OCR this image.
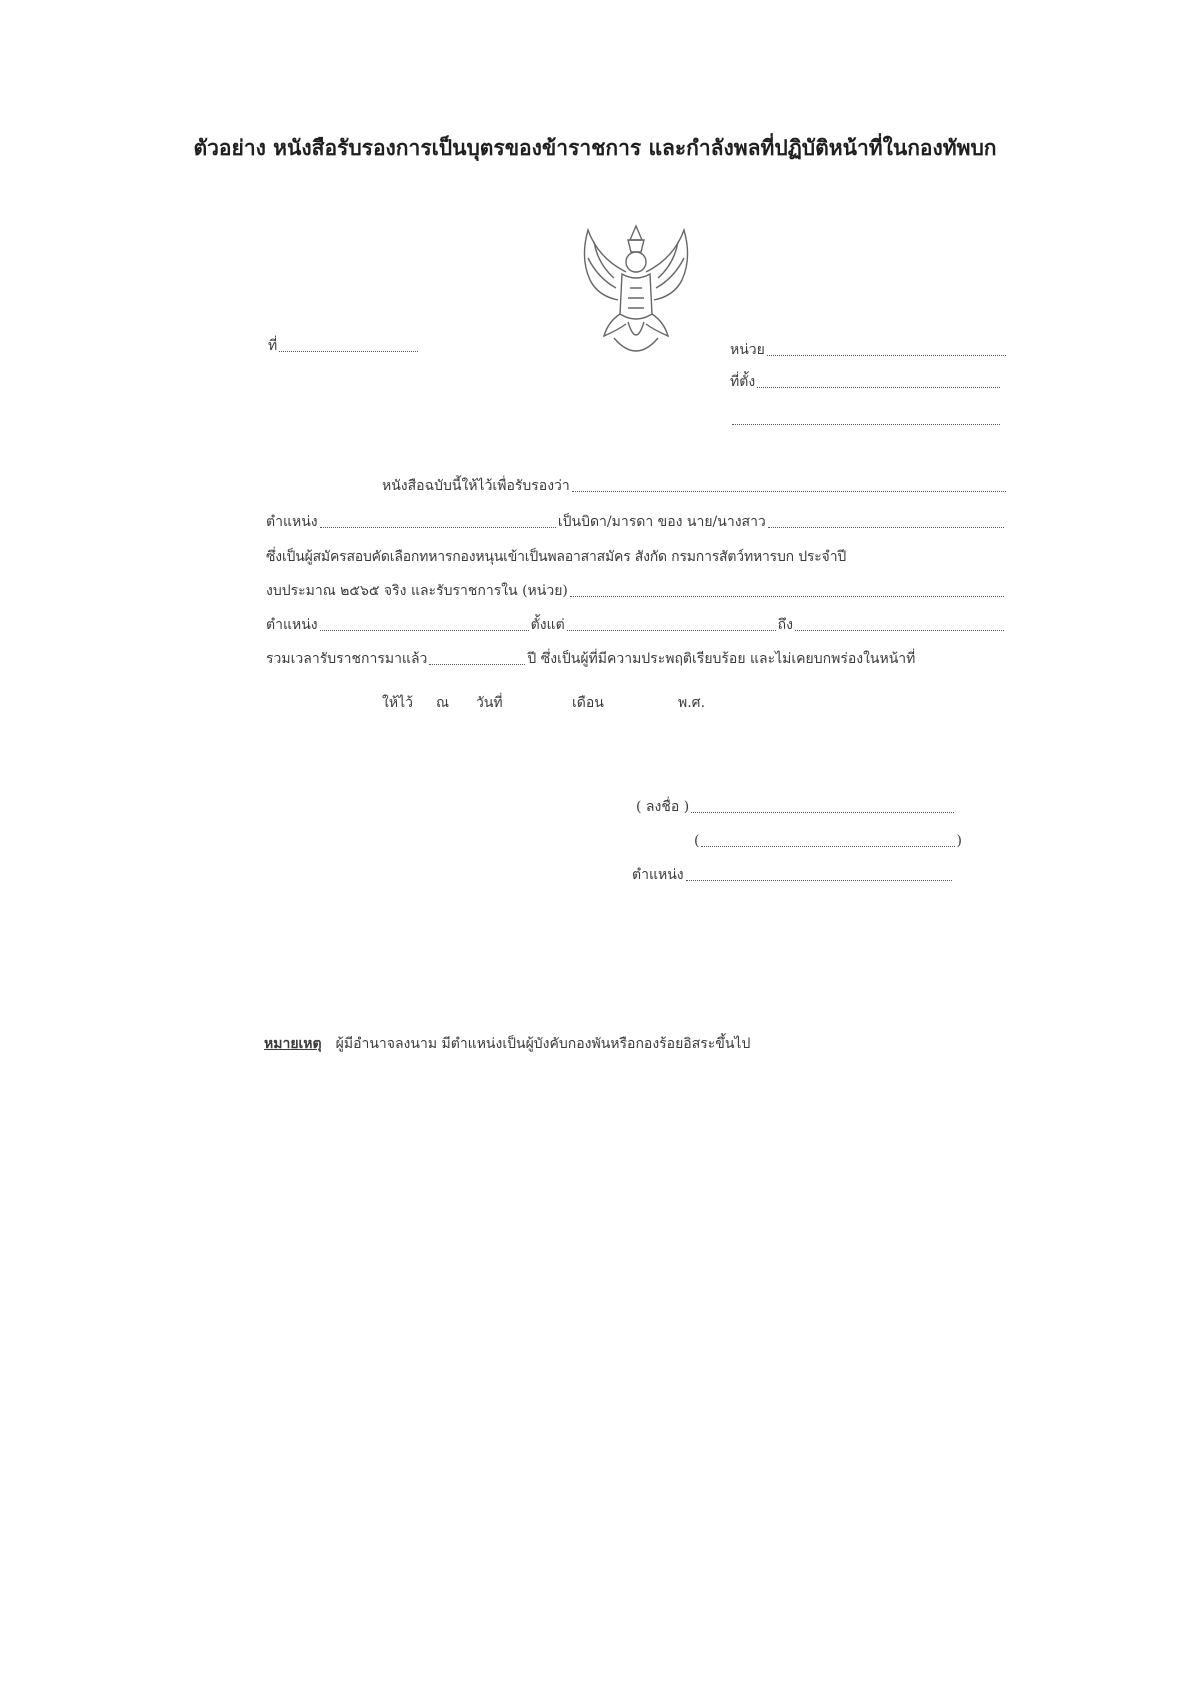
ตัวอย่าง หนังสือรับรองการเป็นบุตรของข้าราชการ และกำลังพลที่ปฏิบัติหน้าที่ในกองทัพบก
ที่	หน่วย
ที่ตั้ง
หนังสือฉบับนี้ให้ไว้เพื่อรับรองว่า
ตำแหน่ง	เป็นบิดา/มารดา ของ นาย/นางสาว
ซึ่งเป็นผู้สมัครสอบคัดเลือกทหารกองหนุนเข้าเป็นพลอาสาสมัคร สังกัด กรมการสัตว์ทหารบก ประจำปี
งบประมาณ ๒๕๖๕ จริง และรับราชการใน (หน่วย)
ตำแหน่ง	ตั้งแต่	ถึง
รวมเวลารับราชการมาแล้ว	ปี ซึ่งเป็นผู้ที่มีความประพฤติเรียบร้อย และไม่เคยบกพร่องในหน้าที่
ให้ไว้ ณ วันที่	เดือน	พ.ศ.
( ลงชื่อ )
(	)
ตำแหน่ง
หมายเหตุ ผู้มีอำนาจลงนาม มีตำแหน่งเป็นผู้บังคับกองพันหรือกองร้อยอิสระขึ้นไป
